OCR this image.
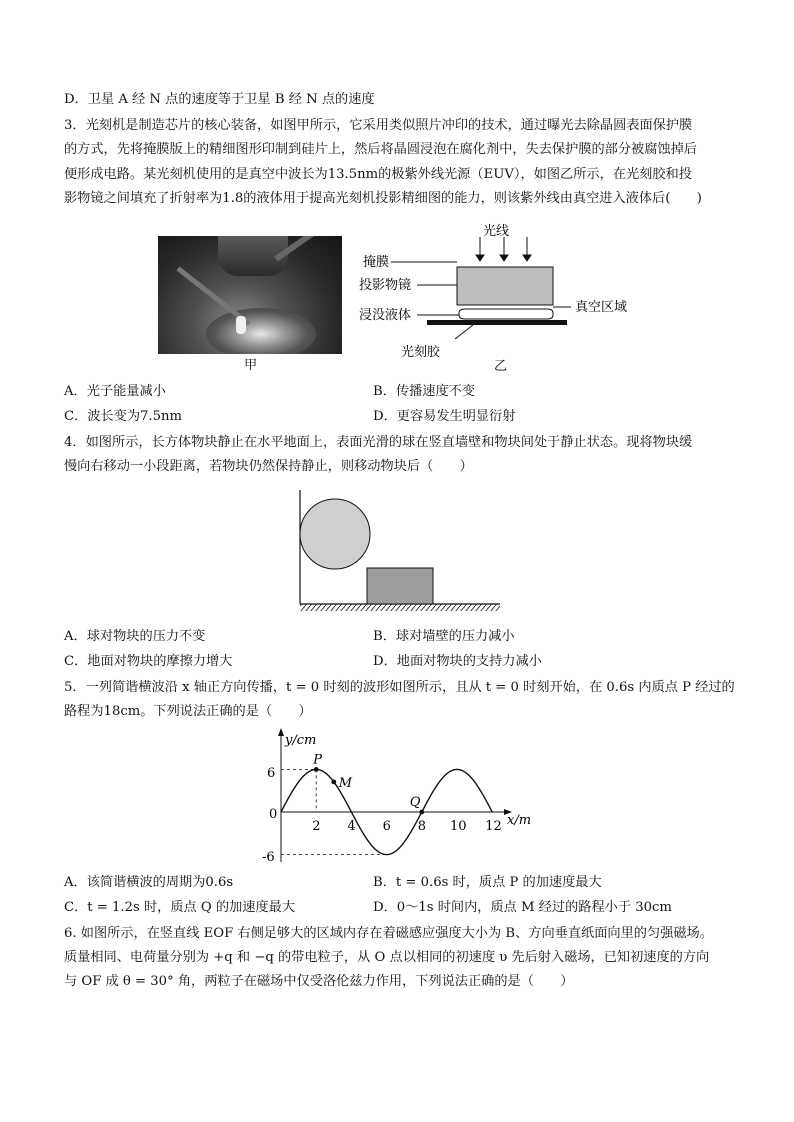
D．卫星 A 经 N 点的速度等于卫星 B 经 N 点的速度
3．光刻机是制造芯片的核心装备，如图甲所示，它采用类似照片冲印的技术，通过曝光去除晶圆表面保护膜
的方式，先将掩膜版上的精细图形印制到硅片上，然后将晶圆浸泡在腐化剂中，失去保护膜的部分被腐蚀掉后
便形成电路。某光刻机使用的是真空中波长为13.5nm的极紫外线光源（EUV），如图乙所示，在光刻胶和投
影物镜之间填充了折射率为1.8的液体用于提高光刻机投影精细图的能力，则该紫外线由真空进入液体后(　　)
甲
光线
掩膜
投影物镜
浸没液体
真空区域
光刻胶
乙
A．光子能量减小	B．传播速度不变
C．波长变为7.5nm	D．更容易发生明显衍射
4．如图所示，长方体物块静止在水平地面上，表面光滑的球在竖直墙壁和物块间处于静止状态。现将物块缓
慢向右移动一小段距离，若物块仍然保持静止，则移动物块后（　　）
A．球对物块的压力不变	B．球对墙壁的压力减小
C．地面对物块的摩擦力增大	D．地面对物块的支持力减小
5．一列简谐横波沿 x 轴正方向传播，t = 0 时刻的波形如图所示，且从 t = 0 时刻开始，在 0.6s 内质点 P 经过的
路程为18cm。下列说法正确的是（　　）
y/cm
x/m
6
0
-6
2 4 6 8 10 12
P
M
Q
A．该简谐横波的周期为0.6s	B．t = 0.6s 时，质点 P 的加速度最大
C．t = 1.2s 时，质点 Q 的加速度最大	D．0～1s 时间内，质点 M 经过的路程小于 30cm
6. 如图所示，在竖直线 EOF 右侧足够大的区域内存在着磁感应强度大小为 B、方向垂直纸面向里的匀强磁场。
质量相同、电荷量分别为 +q 和 −q 的带电粒子，从 O 点以相同的初速度 υ 先后射入磁场，已知初速度的方向
与 OF 成 θ = 30° 角，两粒子在磁场中仅受洛伦兹力作用，下列说法正确的是（　　）
